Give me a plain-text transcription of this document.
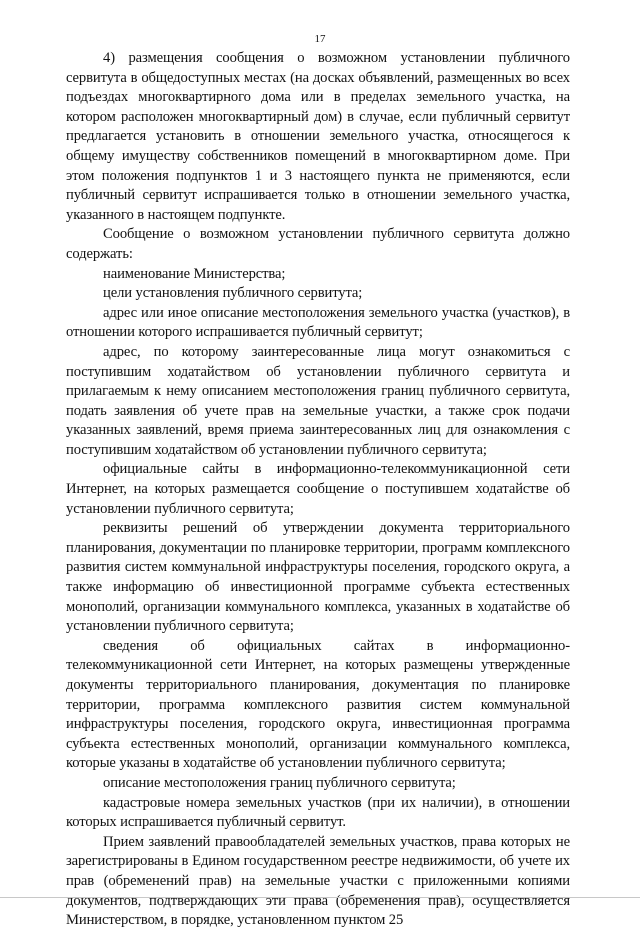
17

4) размещения сообщения о возможном установлении публичного сервитута в общедоступных местах (на досках объявлений, размещенных во всех подъездах многоквартирного дома или в пределах земельного участка, на котором расположен многоквартирный дом) в случае, если публичный сервитут предлагается установить в отношении земельного участка, относящегося к общему имуществу собственников помещений в многоквартирном доме. При этом положения подпунктов 1 и 3 настоящего пункта не применяются, если публичный сервитут испрашивается только в отношении земельного участка, указанного в настоящем подпункте.

Сообщение о возможном установлении публичного сервитута должно содержать:

наименование Министерства;

цели установления публичного сервитута;

адрес или иное описание местоположения земельного участка (участков), в отношении которого испрашивается публичный сервитут;

адрес, по которому заинтересованные лица могут ознакомиться с поступившим ходатайством об установлении публичного сервитута и прилагаемым к нему описанием местоположения границ публичного сервитута, подать заявления об учете прав на земельные участки, а также срок подачи указанных заявлений, время приема заинтересованных лиц для ознакомления с поступившим ходатайством об установлении публичного сервитута;

официальные сайты в информационно-телекоммуникационной сети Интернет, на которых размещается сообщение о поступившем ходатайстве об установлении публичного сервитута;

реквизиты решений об утверждении документа территориального планирования, документации по планировке территории, программ комплексного развития систем коммунальной инфраструктуры поселения, городского округа, а также информацию об инвестиционной программе субъекта естественных монополий, организации коммунального комплекса, указанных в ходатайстве об установлении публичного сервитута;

сведения об официальных сайтах в информационно-телекоммуникационной сети Интернет, на которых размещены утвержденные документы территориального планирования, документация по планировке территории, программа комплексного развития систем коммунальной инфраструктуры поселения, городского округа, инвестиционная программа субъекта естественных монополий, организации коммунального комплекса, которые указаны в ходатайстве об установлении публичного сервитута;

описание местоположения границ публичного сервитута;

кадастровые номера земельных участков (при их наличии), в отношении которых испрашивается публичный сервитут.

Прием заявлений правообладателей земельных участков, права которых не зарегистрированы в Едином государственном реестре недвижимости, об учете их прав (обременений прав) на земельные участки с приложенными копиями документов, подтверждающих эти права (обременения прав), осуществляется Министерством, в порядке, установленном пунктом 25
